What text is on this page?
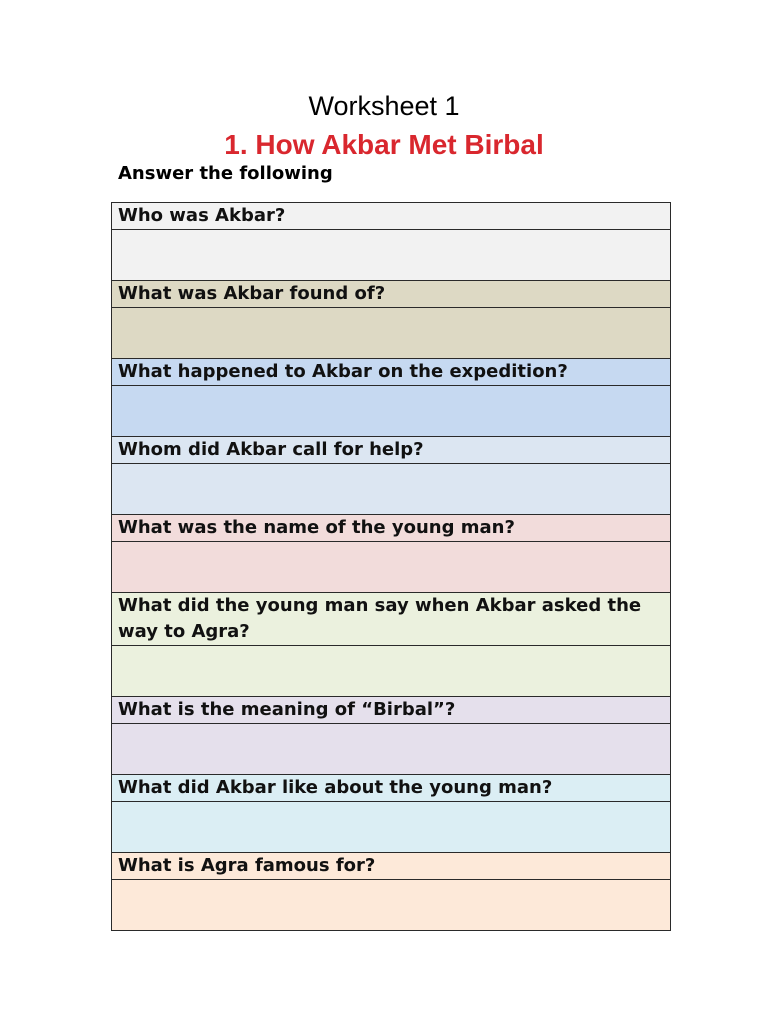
Worksheet 1
1. How Akbar Met Birbal
Answer the following
Who was Akbar?

What was Akbar found of?

What happened to Akbar on the expedition?

Whom did Akbar call for help?

What was the name of the young man?

What did the young man say when Akbar asked the way to Agra?

What is the meaning of “Birbal”?

What did Akbar like about the young man?

What is Agra famous for?
